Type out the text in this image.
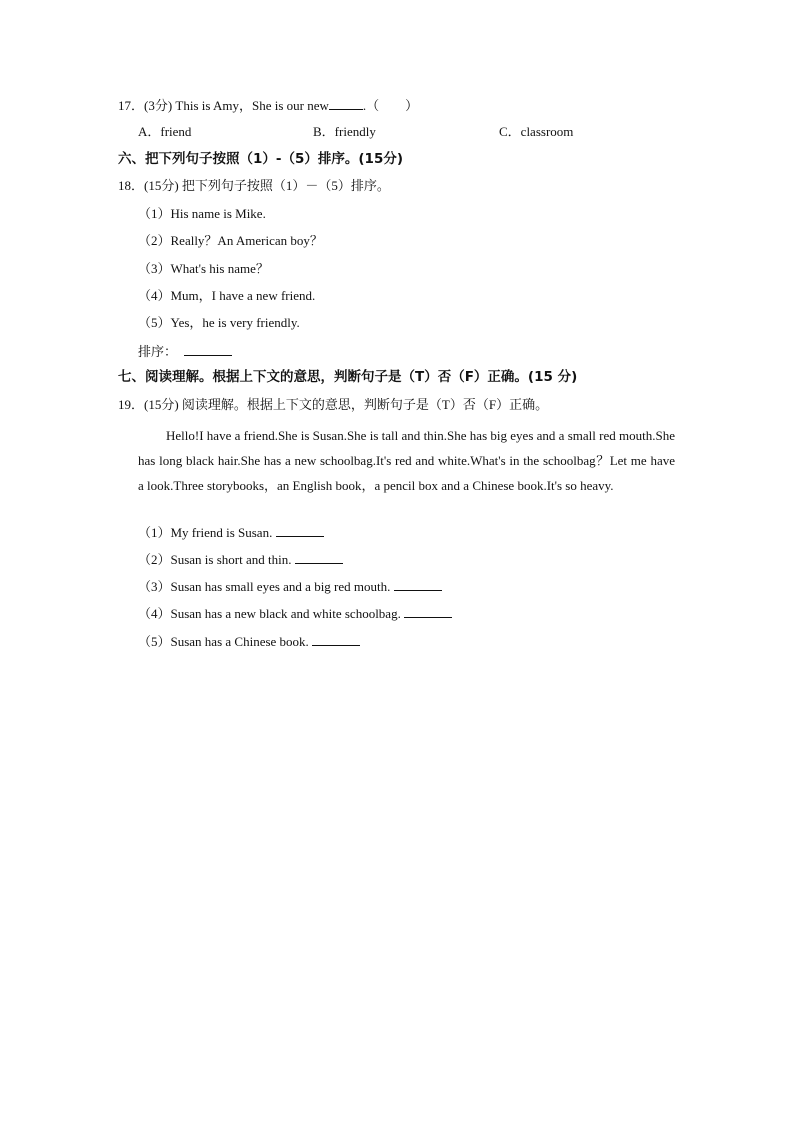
17．(3分) This is Amy，She is our new	.（ ）
A．friend	B．friendly	C．classroom
六、把下列句子按照（1）-（5）排序。(15分)
18．(15分) 把下列句子按照（1）－（5）排序。
（1）His name is Mike.
（2）Really？An American boy？
（3）What's his name？
（4）Mum，I have a new friend.
（5）Yes，he is very friendly.
排序：
七、阅读理解。根据上下文的意思，判断句子是（T）否（F）正确。(15 分)
19．(15分) 阅读理解。根据上下文的意思，判断句子是（T）否（F）正确。
Hello!I have a friend.She is Susan.She is tall and thin.She has big eyes and a small red mouth.She has long black hair.She has a new schoolbag.It's red and white.What's in the schoolbag？Let me have a look.Three storybooks，an English book，a pencil box and a Chinese book.It's so heavy.
（1）My friend is Susan.
（2）Susan is short and thin.
（3）Susan has small eyes and a big red mouth.
（4）Susan has a new black and white schoolbag.
（5）Susan has a Chinese book.
